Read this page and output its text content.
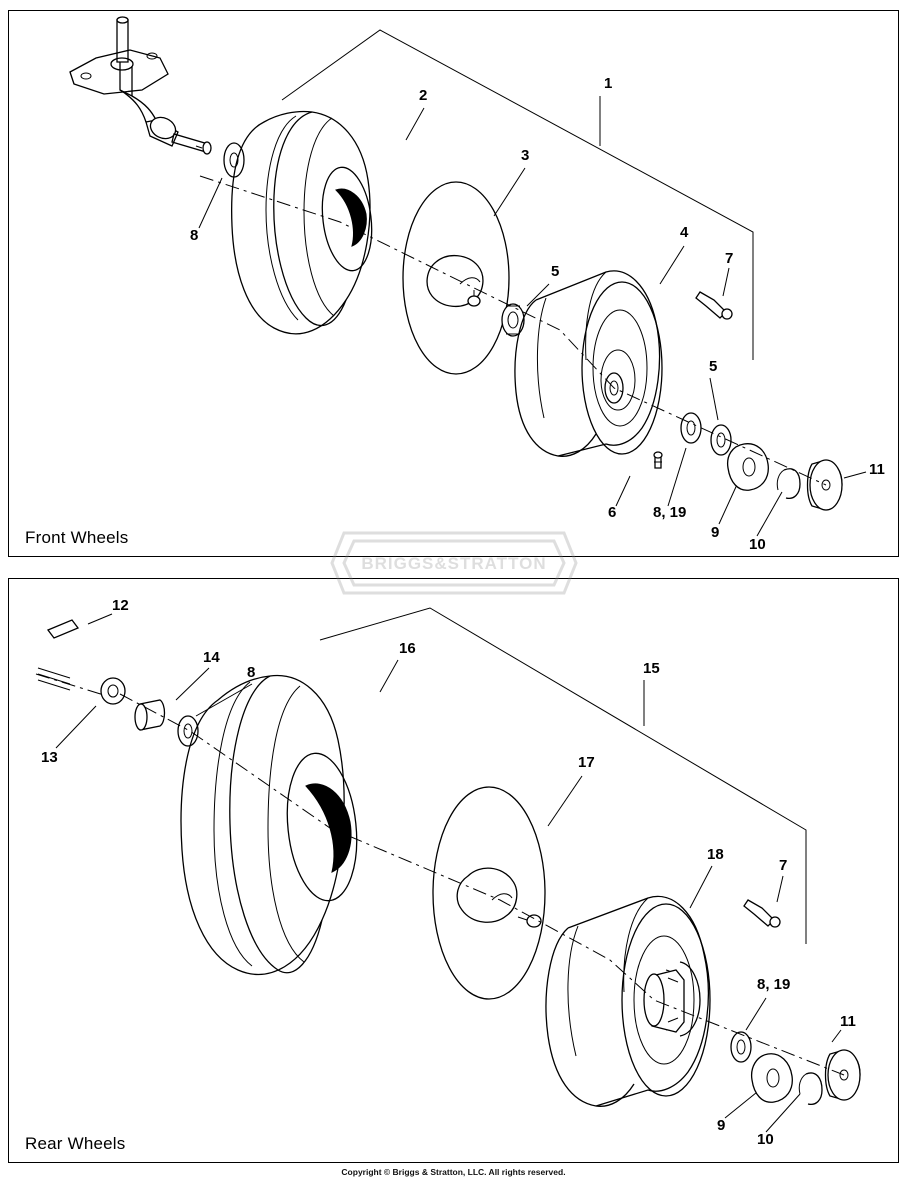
Front Wheels
Rear Wheels
1
2
3
4
5
5
6
7
8
8, 19
9
10
11
12
13
14
8
16
15
17
18
7
8, 19
9
10
11
BRIGGS&STRATTON
Copyright © Briggs & Stratton, LLC. All rights reserved.
